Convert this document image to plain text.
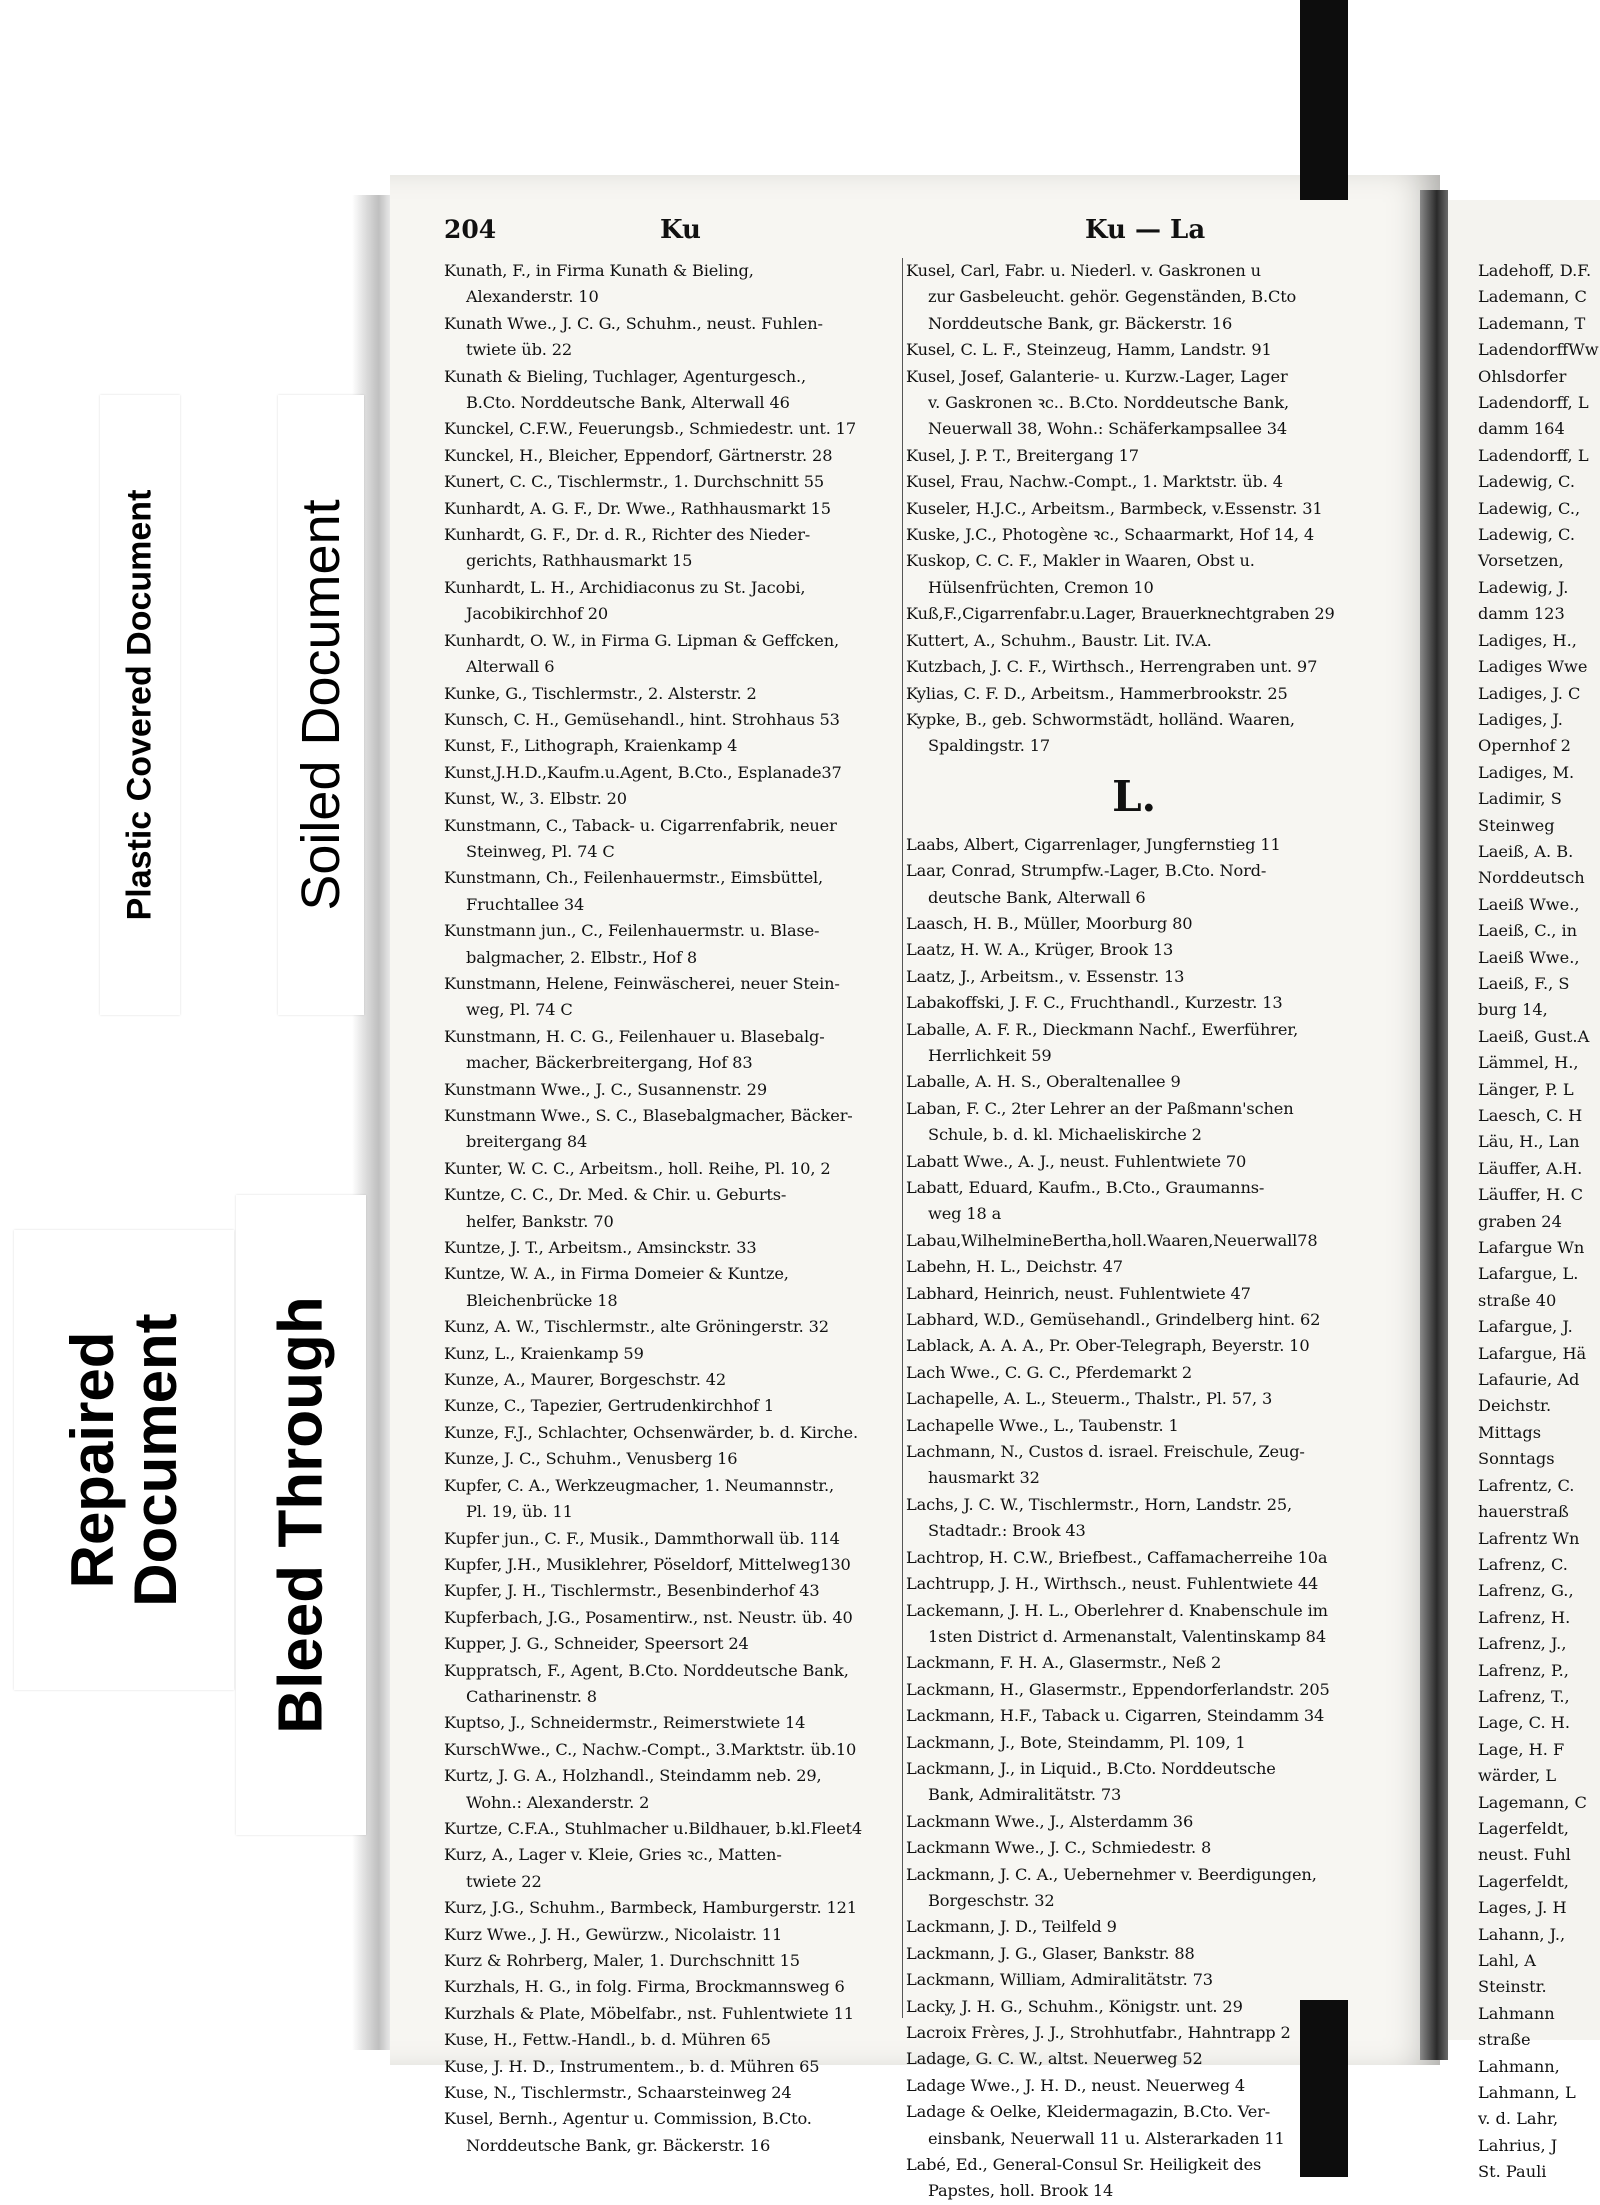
Plastic Covered Document Soiled Document
Repaired Document Bleed Through
204	Ku	Ku — La

Kunath, F., in Firma Kunath & Bieling,

Alexanderstr. 10

Kunath Wwe., J. C. G., Schuhm., neust. Fuhlen-

twiete üb. 22

Kunath & Bieling, Tuchlager, Agenturgesch.,

B.Cto. Norddeutsche Bank, Alterwall 46

Kunckel, C.F.W., Feuerungsb., Schmiedestr. unt. 17

Kunckel, H., Bleicher, Eppendorf, Gärtnerstr. 28

Kunert, C. C., Tischlermstr., 1. Durchschnitt 55

Kunhardt, A. G. F., Dr. Wwe., Rathhausmarkt 15

Kunhardt, G. F., Dr. d. R., Richter des Nieder-

gerichts, Rathhausmarkt 15

Kunhardt, L. H., Archidiaconus zu St. Jacobi,

Jacobikirchhof 20

Kunhardt, O. W., in Firma G. Lipman & Geffcken,

Alterwall 6

Kunke, G., Tischlermstr., 2. Alsterstr. 2

Kunsch, C. H., Gemüsehandl., hint. Strohhaus 53

Kunst, F., Lithograph, Kraienkamp 4

Kunst,J.H.D.,Kaufm.u.Agent, B.Cto., Esplanade37

Kunst, W., 3. Elbstr. 20

Kunstmann, C., Taback- u. Cigarrenfabrik, neuer

Steinweg, Pl. 74 C

Kunstmann, Ch., Feilenhauermstr., Eimsbüttel,

Fruchtallee 34

Kunstmann jun., C., Feilenhauermstr. u. Blase-

balgmacher, 2. Elbstr., Hof 8

Kunstmann, Helene, Feinwäscherei, neuer Stein-

weg, Pl. 74 C

Kunstmann, H. C. G., Feilenhauer u. Blasebalg-

macher, Bäckerbreitergang, Hof 83

Kunstmann Wwe., J. C., Susannenstr. 29

Kunstmann Wwe., S. C., Blasebalgmacher, Bäcker-

breitergang 84

Kunter, W. C. C., Arbeitsm., holl. Reihe, Pl. 10, 2

Kuntze, C. C., Dr. Med. & Chir. u. Geburts-

helfer, Bankstr. 70

Kuntze, J. T., Arbeitsm., Amsinckstr. 33

Kuntze, W. A., in Firma Domeier & Kuntze,

Bleichenbrücke 18

Kunz, A. W., Tischlermstr., alte Gröningerstr. 32

Kunz, L., Kraienkamp 59

Kunze, A., Maurer, Borgeschstr. 42

Kunze, C., Tapezier, Gertrudenkirchhof 1

Kunze, F.J., Schlachter, Ochsenwärder, b. d. Kirche.

Kunze, J. C., Schuhm., Venusberg 16

Kupfer, C. A., Werkzeugmacher, 1. Neumannstr.,

Pl. 19, üb. 11

Kupfer jun., C. F., Musik., Dammthorwall üb. 114

Kupfer, J.H., Musiklehrer, Pöseldorf, Mittelweg130

Kupfer, J. H., Tischlermstr., Besenbinderhof 43

Kupferbach, J.G., Posamentirw., nst. Neustr. üb. 40

Kupper, J. G., Schneider, Speersort 24

Kuppratsch, F., Agent, B.Cto. Norddeutsche Bank,

Catharinenstr. 8

Kuptso, J., Schneidermstr., Reimerstwiete 14

KurschWwe., C., Nachw.-Compt., 3.Marktstr. üb.10

Kurtz, J. G. A., Holzhandl., Steindamm neb. 29,

Wohn.: Alexanderstr. 2

Kurtze, C.F.A., Stuhlmacher u.Bildhauer, b.kl.Fleet4

Kurz, A., Lager v. Kleie, Gries ꝛc., Matten-

twiete 22

Kurz, J.G., Schuhm., Barmbeck, Hamburgerstr. 121

Kurz Wwe., J. H., Gewürzw., Nicolaistr. 11

Kurz & Rohrberg, Maler, 1. Durchschnitt 15

Kurzhals, H. G., in folg. Firma, Brockmannsweg 6

Kurzhals & Plate, Möbelfabr., nst. Fuhlentwiete 11

Kuse, H., Fettw.-Handl., b. d. Mühren 65

Kuse, J. H. D., Instrumentem., b. d. Mühren 65

Kuse, N., Tischlermstr., Schaarsteinweg 24

Kusel, Bernh., Agentur u. Commission, B.Cto.

Norddeutsche Bank, gr. Bäckerstr. 16

Kusel, Carl, Fabr. u. Niederl. v. Gaskronen u

zur Gasbeleucht. gehör. Gegenständen, B.Cto

Norddeutsche Bank, gr. Bäckerstr. 16

Kusel, C. L. F., Steinzeug, Hamm, Landstr. 91

Kusel, Josef, Galanterie- u. Kurzw.-Lager, Lager

v. Gaskronen ꝛc.. B.Cto. Norddeutsche Bank,

Neuerwall 38, Wohn.: Schäferkampsallee 34

Kusel, J. P. T., Breitergang 17

Kusel, Frau, Nachw.-Compt., 1. Marktstr. üb. 4

Kuseler, H.J.C., Arbeitsm., Barmbeck, v.Essenstr. 31

Kuske, J.C., Photogène ꝛc., Schaarmarkt, Hof 14, 4

Kuskop, C. C. F., Makler in Waaren, Obst u.

Hülsenfrüchten, Cremon 10

Kuß,F.,Cigarrenfabr.u.Lager, Brauerknechtgraben 29

Kuttert, A., Schuhm., Baustr. Lit. IV.A.

Kutzbach, J. C. F., Wirthsch., Herrengraben unt. 97

Kylias, C. F. D., Arbeitsm., Hammerbrookstr. 25

Kypke, B., geb. Schwormstädt, holländ. Waaren,

Spaldingstr. 17

L.

Laabs, Albert, Cigarrenlager, Jungfernstieg 11

Laar, Conrad, Strumpfw.-Lager, B.Cto. Nord-

deutsche Bank, Alterwall 6

Laasch, H. B., Müller, Moorburg 80

Laatz, H. W. A., Krüger, Brook 13

Laatz, J., Arbeitsm., v. Essenstr. 13

Labakoffski, J. F. C., Fruchthandl., Kurzestr. 13

Laballe, A. F. R., Dieckmann Nachf., Ewerführer,

Herrlichkeit 59

Laballe, A. H. S., Oberaltenallee 9

Laban, F. C., 2ter Lehrer an der Paßmann'schen

Schule, b. d. kl. Michaeliskirche 2

Labatt Wwe., A. J., neust. Fuhlentwiete 70

Labatt, Eduard, Kaufm., B.Cto., Graumanns-

weg 18 a

Labau,WilhelmineBertha,holl.Waaren,Neuerwall78

Labehn, H. L., Deichstr. 47

Labhard, Heinrich, neust. Fuhlentwiete 47

Labhard, W.D., Gemüsehandl., Grindelberg hint. 62

Lablack, A. A. A., Pr. Ober-Telegraph, Beyerstr. 10

Lach Wwe., C. G. C., Pferdemarkt 2

Lachapelle, A. L., Steuerm., Thalstr., Pl. 57, 3

Lachapelle Wwe., L., Taubenstr. 1

Lachmann, N., Custos d. israel. Freischule, Zeug-

hausmarkt 32

Lachs, J. C. W., Tischlermstr., Horn, Landstr. 25,

Stadtadr.: Brook 43

Lachtrop, H. C.W., Briefbest., Caffamacherreihe 10a

Lachtrupp, J. H., Wirthsch., neust. Fuhlentwiete 44

Lackemann, J. H. L., Oberlehrer d. Knabenschule im

1sten District d. Armenanstalt, Valentinskamp 84

Lackmann, F. H. A., Glasermstr., Neß 2

Lackmann, H., Glasermstr., Eppendorferlandstr. 205

Lackmann, H.F., Taback u. Cigarren, Steindamm 34

Lackmann, J., Bote, Steindamm, Pl. 109, 1

Lackmann, J., in Liquid., B.Cto. Norddeutsche

Bank, Admiralitätstr. 73

Lackmann Wwe., J., Alsterdamm 36

Lackmann Wwe., J. C., Schmiedestr. 8

Lackmann, J. C. A., Uebernehmer v. Beerdigungen,

Borgeschstr. 32

Lackmann, J. D., Teilfeld 9

Lackmann, J. G., Glaser, Bankstr. 88

Lackmann, William, Admiralitätstr. 73

Lacky, J. H. G., Schuhm., Königstr. unt. 29

Lacroix Frères, J. J., Strohhutfabr., Hahntrapp 2

Ladage, G. C. W., altst. Neuerweg 52

Ladage Wwe., J. H. D., neust. Neuerweg 4

Ladage & Oelke, Kleidermagazin, B.Cto. Ver-

einsbank, Neuerwall 11 u. Alsterarkaden 11

Labé, Ed., General-Consul Sr. Heiligkeit des

Papstes, holl. Brook 14

Ladehoff, D.F.

Lademann, C

Lademann, T

LadendorffWw

Ohlsdorfer

Ladendorff, L

damm 164

Ladendorff, L

Ladewig, C.

Ladewig, C.,

Ladewig, C.

Vorsetzen,

Ladewig, J.

damm 123

Ladiges, H.,

Ladiges Wwe

Ladiges, J. C

Ladiges, J.

Opernhof 2

Ladiges, M.

Ladimir, S

Steinweg

Laeiß, A. B.

Norddeutsch

Laeiß Wwe.,

Laeiß, C., in

Laeiß Wwe.,

Laeiß, F., S

burg 14,

Laeiß, Gust.A

Lämmel, H.,

Länger, P. L

Laesch, C. H

Läu, H., Lan

Läuffer, A.H.

Läuffer, H. C

graben 24

Lafargue Wn

Lafargue, L.

straße 40

Lafargue, J.

Lafargue, Hä

Lafaurie, Ad

Deichstr.

Mittags

Sonntags

Lafrentz, C.

hauerstraß

Lafrentz Wn

Lafrenz, C.

Lafrenz, G.,

Lafrenz, H.

Lafrenz, J.,

Lafrenz, P.,

Lafrenz, T.,

Lage, C. H.

Lage, H. F

wärder, L

Lagemann, C

Lagerfeldt,

neust. Fuhl

Lagerfeldt,

Lages, J. H

Lahann, J.,

Lahl, A

Steinstr.

Lahmann

straße

Lahmann,

Lahmann, L

v. d. Lahr,

Lahrius, J

St. Pauli
